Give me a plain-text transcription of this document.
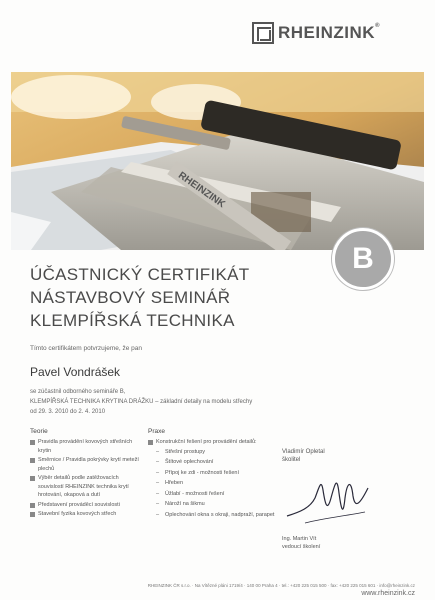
RHEINZINK®
RHEINZINK
B
ÚČASTNICKÝ CERTIFIKÁT
NÁSTAVBOVÝ SEMINÁŘ
KLEMPÍŘSKÁ TECHNIKA
Tímto certifikátem potvrzujeme, že pan
Pavel Vondrášek
se zúčastnil odborného semináře B,
KLEMPÍŘSKÁ TECHNIKA KRYTINA DRÁŽKU – základní detaily na modelu střechy
od 29. 3. 2010 do 2. 4. 2010
Teorie
Pravidla provádění kovových střešních krytin
Směrnice / Pravidla pokrývky krytí meteží plechů
Výběr detailů podle zatěžovacích souvislostí RHEINZINK technika krytí hrotování, okapová a dutí
Představení prováděcí souvislosti
Stavební fyzika kovových střech
Praxe
Konstrukční řešení pro provádění detailů:
–	Střešní prostupy
–	Štítové oplechování
–	Přípoj ke zdi - možnosti řešení
–	Hřeben
–	Úžlabí - možnosti řešení
–	Nároží na šikmu
–	Oplechování okna s okraji, nadpraží, parapet
Vladimír Opletal
školitel
Ing. Martin Vít
vedoucí školení
RHEINZINK ČR s.r.o. · Na Vítězné pláni 1719/4 · 140 00 Praha 4 · tel.: +420 225 015 500 · fax: +420 225 015 601 · info@rheinzink.cz
www.rheinzink.cz
